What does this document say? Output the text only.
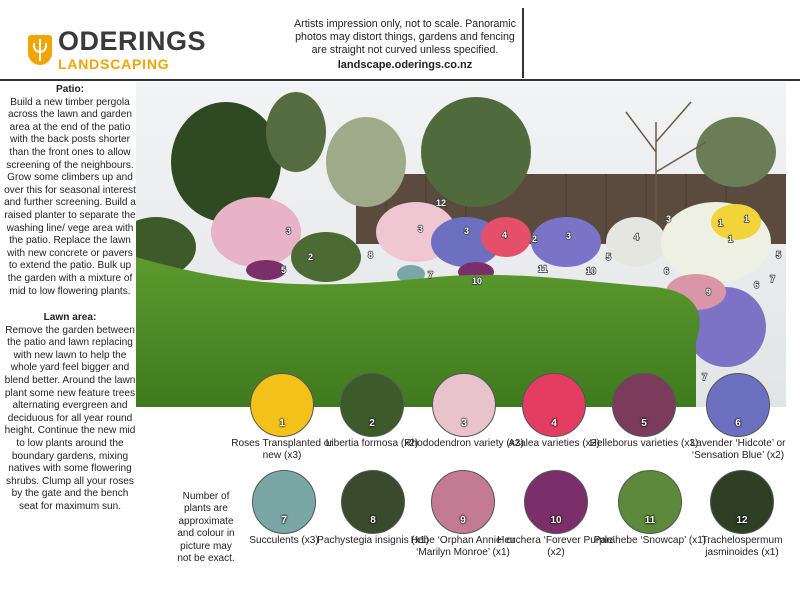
ODERINGS
LANDSCAPING
Artists impression only, not to scale. Panoramic photos may distort things, gardens and fencing are straight not curved unless specified.
landscape.oderings.co.nz
Patio:
Build a new timber pergola across the lawn and garden area at the end of the patio with the back posts shorter than the front ones to allow screening of the neighbours. Grow some climbers up and over this for seasonal interest and further screening. Build a raised planter to separate the washing line/ vege area with the patio. Replace the lawn with new concrete or pavers to extend the patio. Bulk up the garden with a mixture of mid to low flowering plants.
Lawn area:
Remove the garden between the patio and lawn replacing with new lawn to help the whole yard feel bigger and blend better. Around the lawn plant some new feature trees alternating evergreen and deciduous for all year round height. Continue the new mid to low plants around the boundary gardens, mixing natives with some flowering shrubs. Clump all your roses by the gate and the bench seat for maximum sun.
3
2
5
8
3
12
7
3	4	2
11
10
3
10
5
4
3
6
1 1
1
5
7
6
9
7
1
Roses Transplanted or new (x3)
2
Libertia formosa (x2)
3
Rhododendron variety (x3)
4
Azalea varieties (x2)
5
Helleborus varieties (x3)
6
Lavender ‘Hidcote’ or ‘Sensation Blue’ (x2)
7
Succulents (x3)
8
Pachystegia insignis (x1)
9
Hebe ‘Orphan Annie’ or ‘Marilyn Monroe’ (x1)
10
Heuchera ‘Forever Purple’ (x2)
11
Parahebe ‘Snowcap’ (x1)
12
Trachelospermum jasminoides (x1)
Number of plants are approximate and colour in picture may not be exact.
